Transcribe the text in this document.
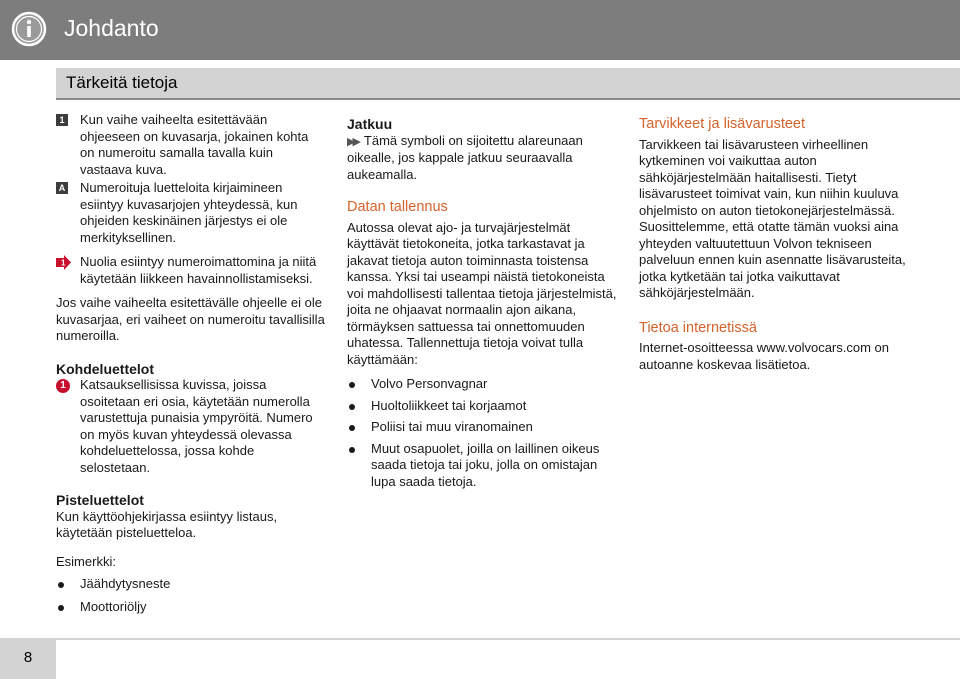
Johdanto
Tärkeitä tietoja
1 Kun vaihe vaiheelta esitettävään ohjeeseen on kuvasarja, jokainen kohta on numeroitu samalla tavalla kuin vastaava kuva.

A Numeroituja luetteloita kirjaimineen esiintyy kuvasarjojen yhteydessä, kun ohjeiden keskinäinen järjestys ei ole merkityksellinen.

1 Nuolia esiintyy numeroimattomina ja niitä käytetään liikkeen havainnollistamiseksi.

Jos vaihe vaiheelta esitettävälle ohjeelle ei ole kuvasarjaa, eri vaiheet on numeroitu tavallisilla numeroilla.

Kohdeluettelot
1	Katsauksellisissa kuvissa, joissa osoitetaan eri osia, käytetään numerolla varustettuja punaisia ympyröitä. Numero on myös kuvan yhteydessä olevassa kohdeluettelossa, jossa kohde selostetaan.

Pisteluettelot

Kun käyttöohjekirjassa esiintyy listaus, käytetään pisteluetteloa.

Esimerkki:

Jäähdytysneste
Moottoriöljy
Jatkuu

▶▶ Tämä symboli on sijoitettu alareunaan oikealle, jos kappale jatkuu seuraavalla aukeamalla.

Datan tallennus

Autossa olevat ajo- ja turvajärjestelmät käyttävät tietokoneita, jotka tarkastavat ja jakavat tietoja auton toiminnasta toistensa kanssa. Yksi tai useampi näistä tietokoneista voi mahdollisesti tallentaa tietoja järjestelmistä, joita ne ohjaavat normaalin ajon aikana, törmäyksen sattuessa tai onnettomuuden uhatessa. Tallennettuja tietoja voivat tulla käyttämään:

Volvo Personvagnar
Huoltoliikkeet tai korjaamot
Poliisi tai muu viranomainen
Muut osapuolet, joilla on laillinen oikeus saada tietoja tai joku, jolla on omistajan lupa saada tietoja.
Tarvikkeet ja lisävarusteet

Tarvikkeen tai lisävarusteen virheellinen kytkeminen voi vaikuttaa auton sähköjärjestelmään haitallisesti. Tietyt lisävarusteet toimivat vain, kun niihin kuuluva ohjelmisto on auton tietokonejärjestelmässä. Suosittelemme, että otatte tämän vuoksi aina yhteyden valtuutettuun Volvon tekniseen palveluun ennen kuin asennatte lisävarusteita, jotka kytketään tai jotka vaikuttavat sähköjärjestelmään.

Tietoa internetissä

Internet-osoitteessa www.volvocars.com on autoanne koskevaa lisätietoa.

8
